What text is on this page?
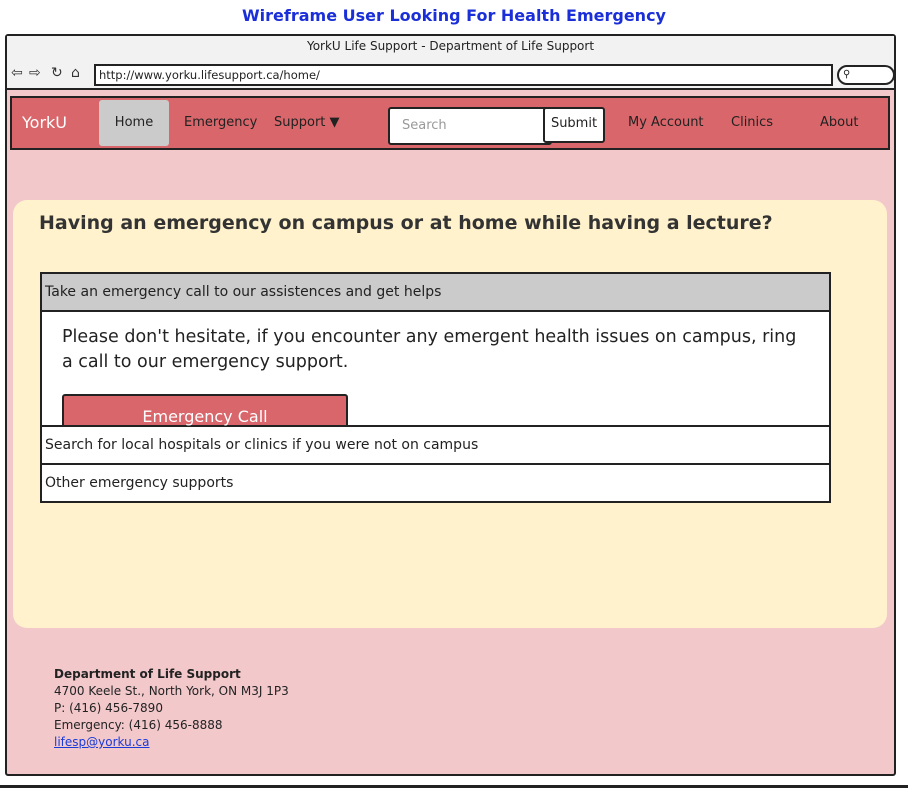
Wireframe User Looking For Health Emergency
YorkU Life Support - Department of Life Support
⇦ ⇨ ↻ ⌂	http://www.yorku.lifesupport.ca/home/	⚲
YorkU	Home	Emergency Support ▼	Search	Submit	My Account Clinics	About
Having an emergency on campus or at home while having a lecture?
Take an emergency call to our assistences and get helps

Please don't hesitate, if you encounter any emergent health issues on campus, ring a call to our emergency support.

Emergency Call
Search for local hospitals or clinics if you were not on campus
Other emergency supports
Department of Life Support
4700 Keele St., North York, ON M3J 1P3
P: (416) 456-7890
Emergency: (416) 456-8888
lifesp@yorku.ca
